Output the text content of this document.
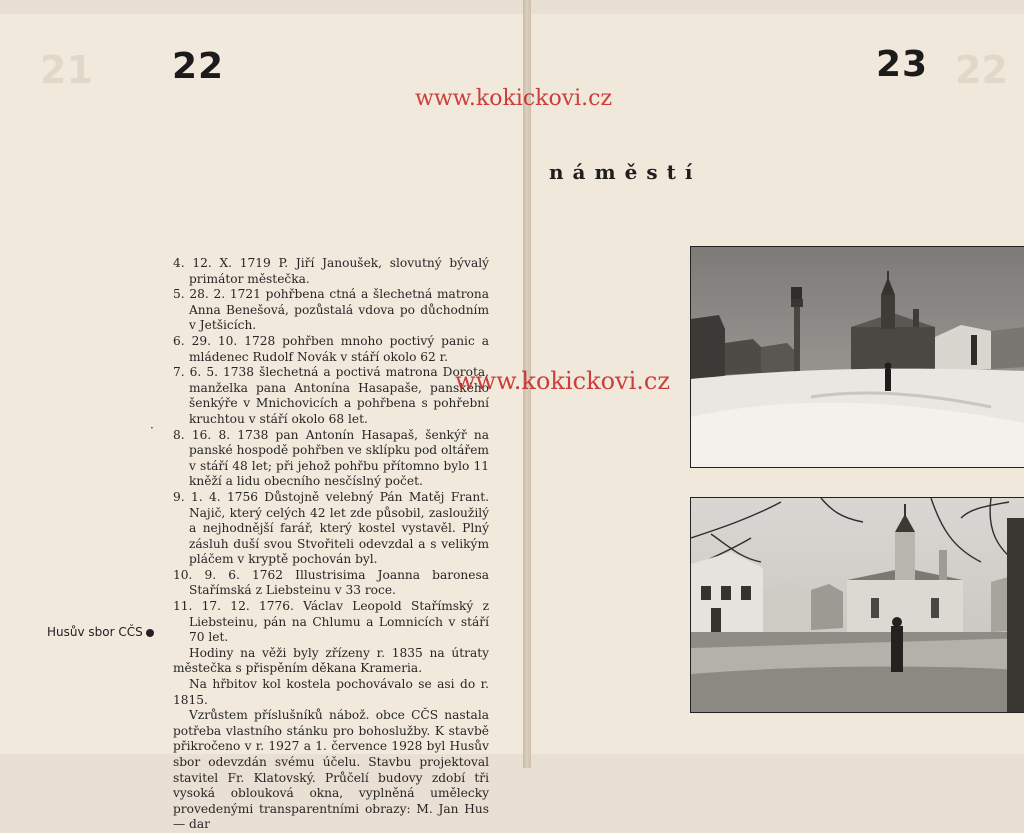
21	22
22	23
náměstí

4. 12. X. 1719 P. Jiří Janoušek, slovutný bývalý primátor městečka.

5. 28. 2. 1721 pohřbena ctná a šlechetná matrona Anna Benešová, pozůstalá vdova po důchodním v Jetšicích.

6. 29. 10. 1728 pohřben mnoho poctivý panic a mládenec Rudolf Novák v stáří okolo 62 r.

7. 6. 5. 1738 šlechetná a poctivá matrona Dorota, manželka pana Antonína Hasapaše, panského šenkýře v Mnichovicích a pohřbena s pohřební kruchtou v stáří okolo 68 let.

8. 16. 8. 1738 pan Antonín Hasapaš, šenkýř na panské hospodě pohřben ve sklípku pod oltářem v stáří 48 let; při jehož pohřbu přítomno bylo 11 kněží a lidu obecního nesčíslný počet.

9. 1. 4. 1756 Důstojně velebný Pán Matěj Frant. Najič, který celých 42 let zde působil, zasloužilý a nejhodnější farář, který kostel vystavěl. Plný zásluh duší svou Stvořiteli odevzdal a s velikým pláčem v kryptě pochován byl.

10. 9. 6. 1762 Illustrisima Joanna baronesa Stařímská z Liebsteinu v 33 roce.

11. 17. 12. 1776. Václav Leopold Stařímský z Liebsteinu, pán na Chlumu a Lomnicích v stáří 70 let.

Hodiny na věži byly zřízeny r. 1835 na útraty městečka s přispěním děkana Krameria.

Na hřbitov kol kostela pochovávalo se asi do r. 1815.

Vzrůstem příslušníků nábož. obce CČS nastala potřeba vlastního stánku pro bohoslužby. K stavbě přikročeno v r. 1927 a 1. července 1928 byl Husův sbor odevzdán svému účelu. Stavbu projektoval stavitel Fr. Klatovský. Průčelí budovy zdobí tři vysoká oblouková okna, vyplněná umělecky provedenými transparentními obrazy: M. Jan Hus — dar

·
Husův sbor CČS
www.kokickovi.cz
www.kokickovi.cz
